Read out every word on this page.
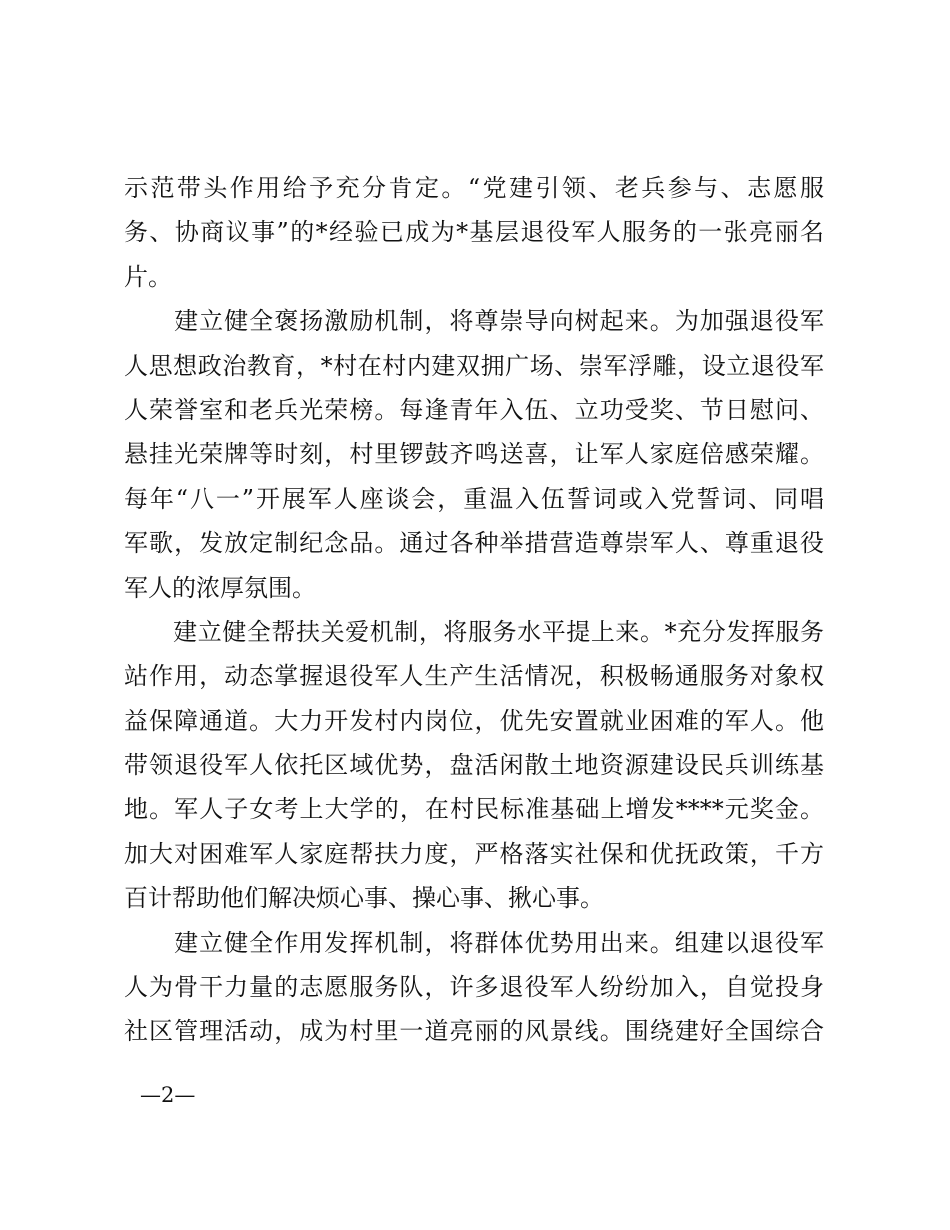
示范带头作用给予充分肯定。“党建引领、老兵参与、志愿服
务、协商议事”的*经验已成为*基层退役军人服务的一张亮丽名
片。
　　建立健全褒扬激励机制，将尊崇导向树起来。为加强退役军
人思想政治教育，*村在村内建双拥广场、崇军浮雕，设立退役军
人荣誉室和老兵光荣榜。每逢青年入伍、立功受奖、节日慰问、
悬挂光荣牌等时刻，村里锣鼓齐鸣送喜，让军人家庭倍感荣耀。
每年“八一”开展军人座谈会，重温入伍誓词或入党誓词、同唱
军歌，发放定制纪念品。通过各种举措营造尊崇军人、尊重退役
军人的浓厚氛围。
　　建立健全帮扶关爱机制，将服务水平提上来。*充分发挥服务
站作用，动态掌握退役军人生产生活情况，积极畅通服务对象权
益保障通道。大力开发村内岗位，优先安置就业困难的军人。他
带领退役军人依托区域优势，盘活闲散土地资源建设民兵训练基
地。军人子女考上大学的，在村民标准基础上增发****元奖金。
加大对困难军人家庭帮扶力度，严格落实社保和优抚政策，千方
百计帮助他们解决烦心事、操心事、揪心事。
　　建立健全作用发挥机制，将群体优势用出来。组建以退役军
人为骨干力量的志愿服务队，许多退役军人纷纷加入，自觉投身
社区管理活动，成为村里一道亮丽的风景线。围绕建好全国综合
—2—
